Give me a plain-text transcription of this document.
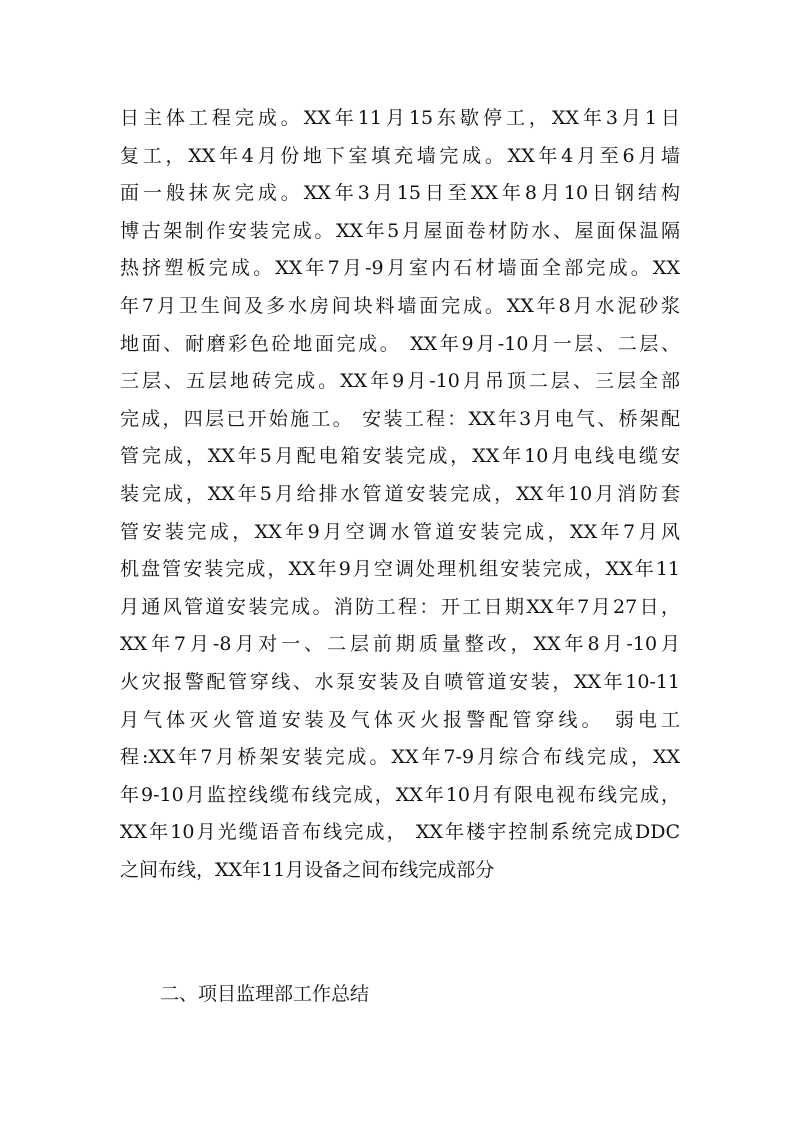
日主体工程完成。XX年11月15东歇停工，XX年3月1日
复工，XX年4月份地下室填充墙完成。XX年4月至6月墙
面一般抹灰完成。XX年3月15日至XX年8月10日钢结构
博古架制作安装完成。XX年5月屋面卷材防水、屋面保温隔
热挤塑板完成。XX年7月-9月室内石材墙面全部完成。XX
年7月卫生间及多水房间块料墙面完成。XX年8月水泥砂浆
地面、耐磨彩色砼地面完成。 XX年9月-10月一层、二层、
三层、五层地砖完成。XX年9月-10月吊顶二层、三层全部
完成，四层已开始施工。 安装工程：XX年3月电气、桥架配
管完成，XX年5月配电箱安装完成，XX年10月电线电缆安
装完成，XX年5月给排水管道安装完成，XX年10月消防套
管安装完成，XX年9月空调水管道安装完成，XX年7月风
机盘管安装完成，XX年9月空调处理机组安装完成，XX年11
月通风管道安装完成。消防工程：开工日期XX年7月27日，
XX年7月-8月对一、二层前期质量整改，XX年8月-10月
火灾报警配管穿线、水泵安装及自喷管道安装，XX年10-11
月气体灭火管道安装及气体灭火报警配管穿线。 弱电工
程:XX年7月桥架安装完成。XX年7-9月综合布线完成，XX
年9-10月监控线缆布线完成，XX年10月有限电视布线完成，
XX年10月光缆语音布线完成， XX年楼宇控制系统完成DDC
之间布线，XX年11月设备之间布线完成部分
二、项目监理部工作总结
